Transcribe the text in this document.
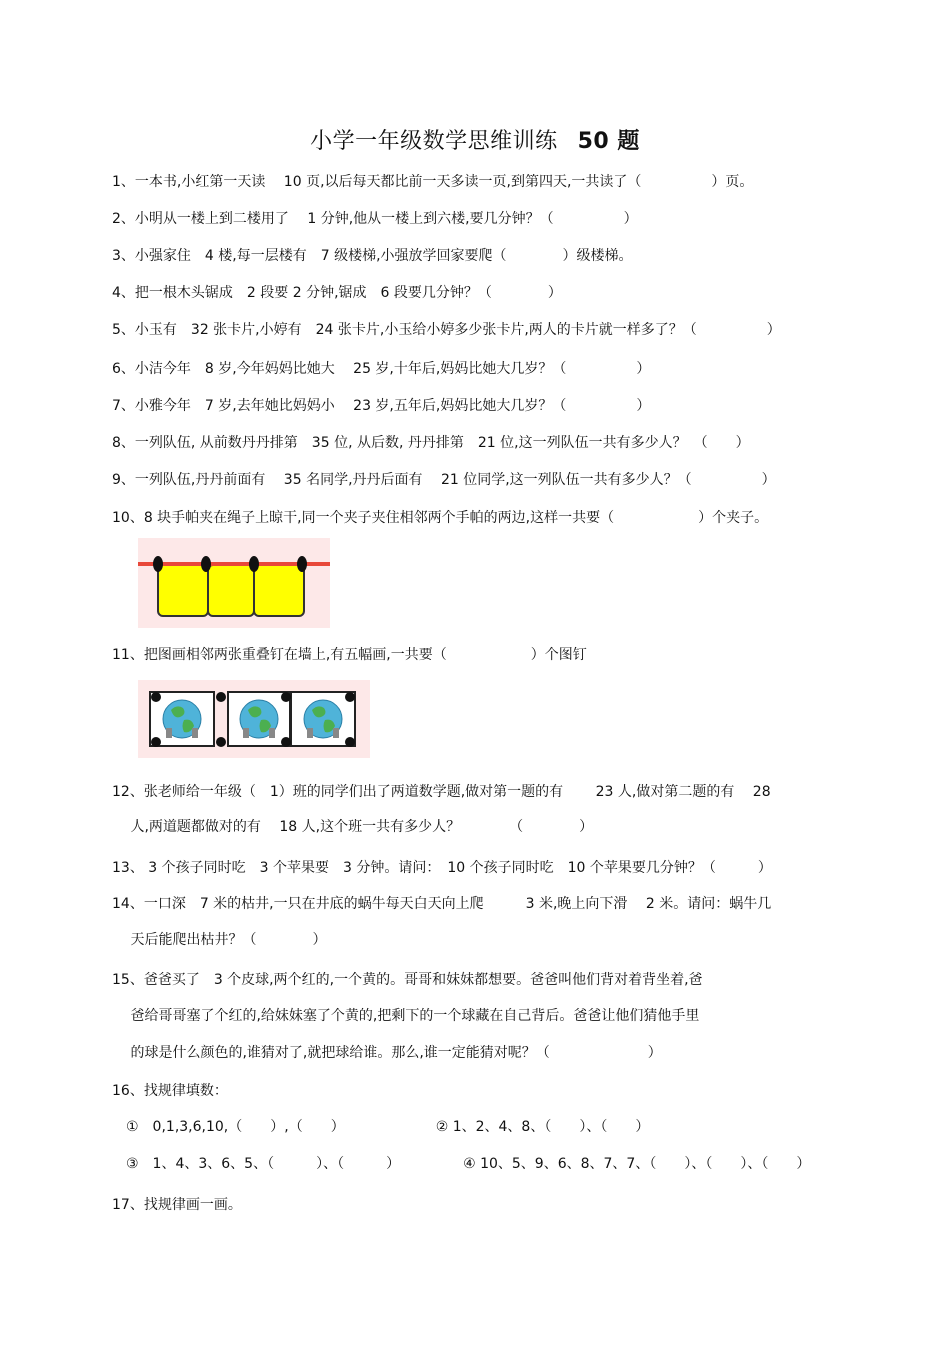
小学一年级数学思维训练 50 题
1、一本书,小红第一天读　 10 页,以后每天都比前一天多读一页,到第四天,一共读了（　　　　　）页。
2、小明从一楼上到二楼用了　 1 分钟,他从一楼上到六楼,要几分钟？（　　　　　）
3、小强家住　4 楼,每一层楼有　7 级楼梯,小强放学回家要爬（　　　　）级楼梯。
4、把一根木头锯成　2 段要 2 分钟,锯成　6 段要几分钟？（　　　　）
5、小玉有　32 张卡片,小婷有　24 张卡片,小玉给小婷多少张卡片,两人的卡片就一样多了？（　　　　　）
6、小洁今年　8 岁,今年妈妈比她大　 25 岁,十年后,妈妈比她大几岁？（　　　　　）
7、小雅今年　7 岁,去年她比妈妈小　 23 岁,五年后,妈妈比她大几岁？（　　　　　）
8、一列队伍, 从前数丹丹排第　35 位, 从后数, 丹丹排第　21 位,这一列队伍一共有多少人？　（　　）
9、一列队伍,丹丹前面有　 35 名同学,丹丹后面有　 21 位同学,这一列队伍一共有多少人？（　　　　　）
10、8 块手帕夹在绳子上晾干,同一个夹子夹住相邻两个手帕的两边,这样一共要（　　　　　　）个夹子。
11、把图画相邻两张重叠钉在墙上,有五幅画,一共要（　　　　　　）个图钉
12、张老师给一年级（　1）班的同学们出了两道数学题,做对第一题的有　　 23 人,做对第二题的有　 28
　 人,两道题都做对的有　 18 人,这个班一共有多少人？　　　　（　　　　）
13、 3 个孩子同时吃　3 个苹果要　3 分钟。请问：　10 个孩子同时吃　10 个苹果要几分钟？（　　　）
14、一口深　7 米的枯井,一只在井底的蜗牛每天白天向上爬　　　3 米,晚上向下滑　 2 米。请问：蜗牛几
　 天后能爬出枯井？（　　　　）
15、爸爸买了　3 个皮球,两个红的,一个黄的。哥哥和妹妹都想要。爸爸叫他们背对着背坐着,爸
　 爸给哥哥塞了个红的,给妹妹塞了个黄的,把剩下的一个球藏在自己背后。爸爸让他们猜他手里
　 的球是什么颜色的,谁猜对了,就把球给谁。那么,谁一定能猜对呢？（　　　　　　　）
16、找规律填数：
　①　0,1,3,6,10,（　　）,（　　）　　　　　　　② 1、2、4、8、（　　）、（　　）
　③　1、4、3、6、5、（　　　）、（　　　）　　　　　④ 10、5、9、6、8、7、7、（　　）、（　　）、（　　）
17、找规律画一画。
